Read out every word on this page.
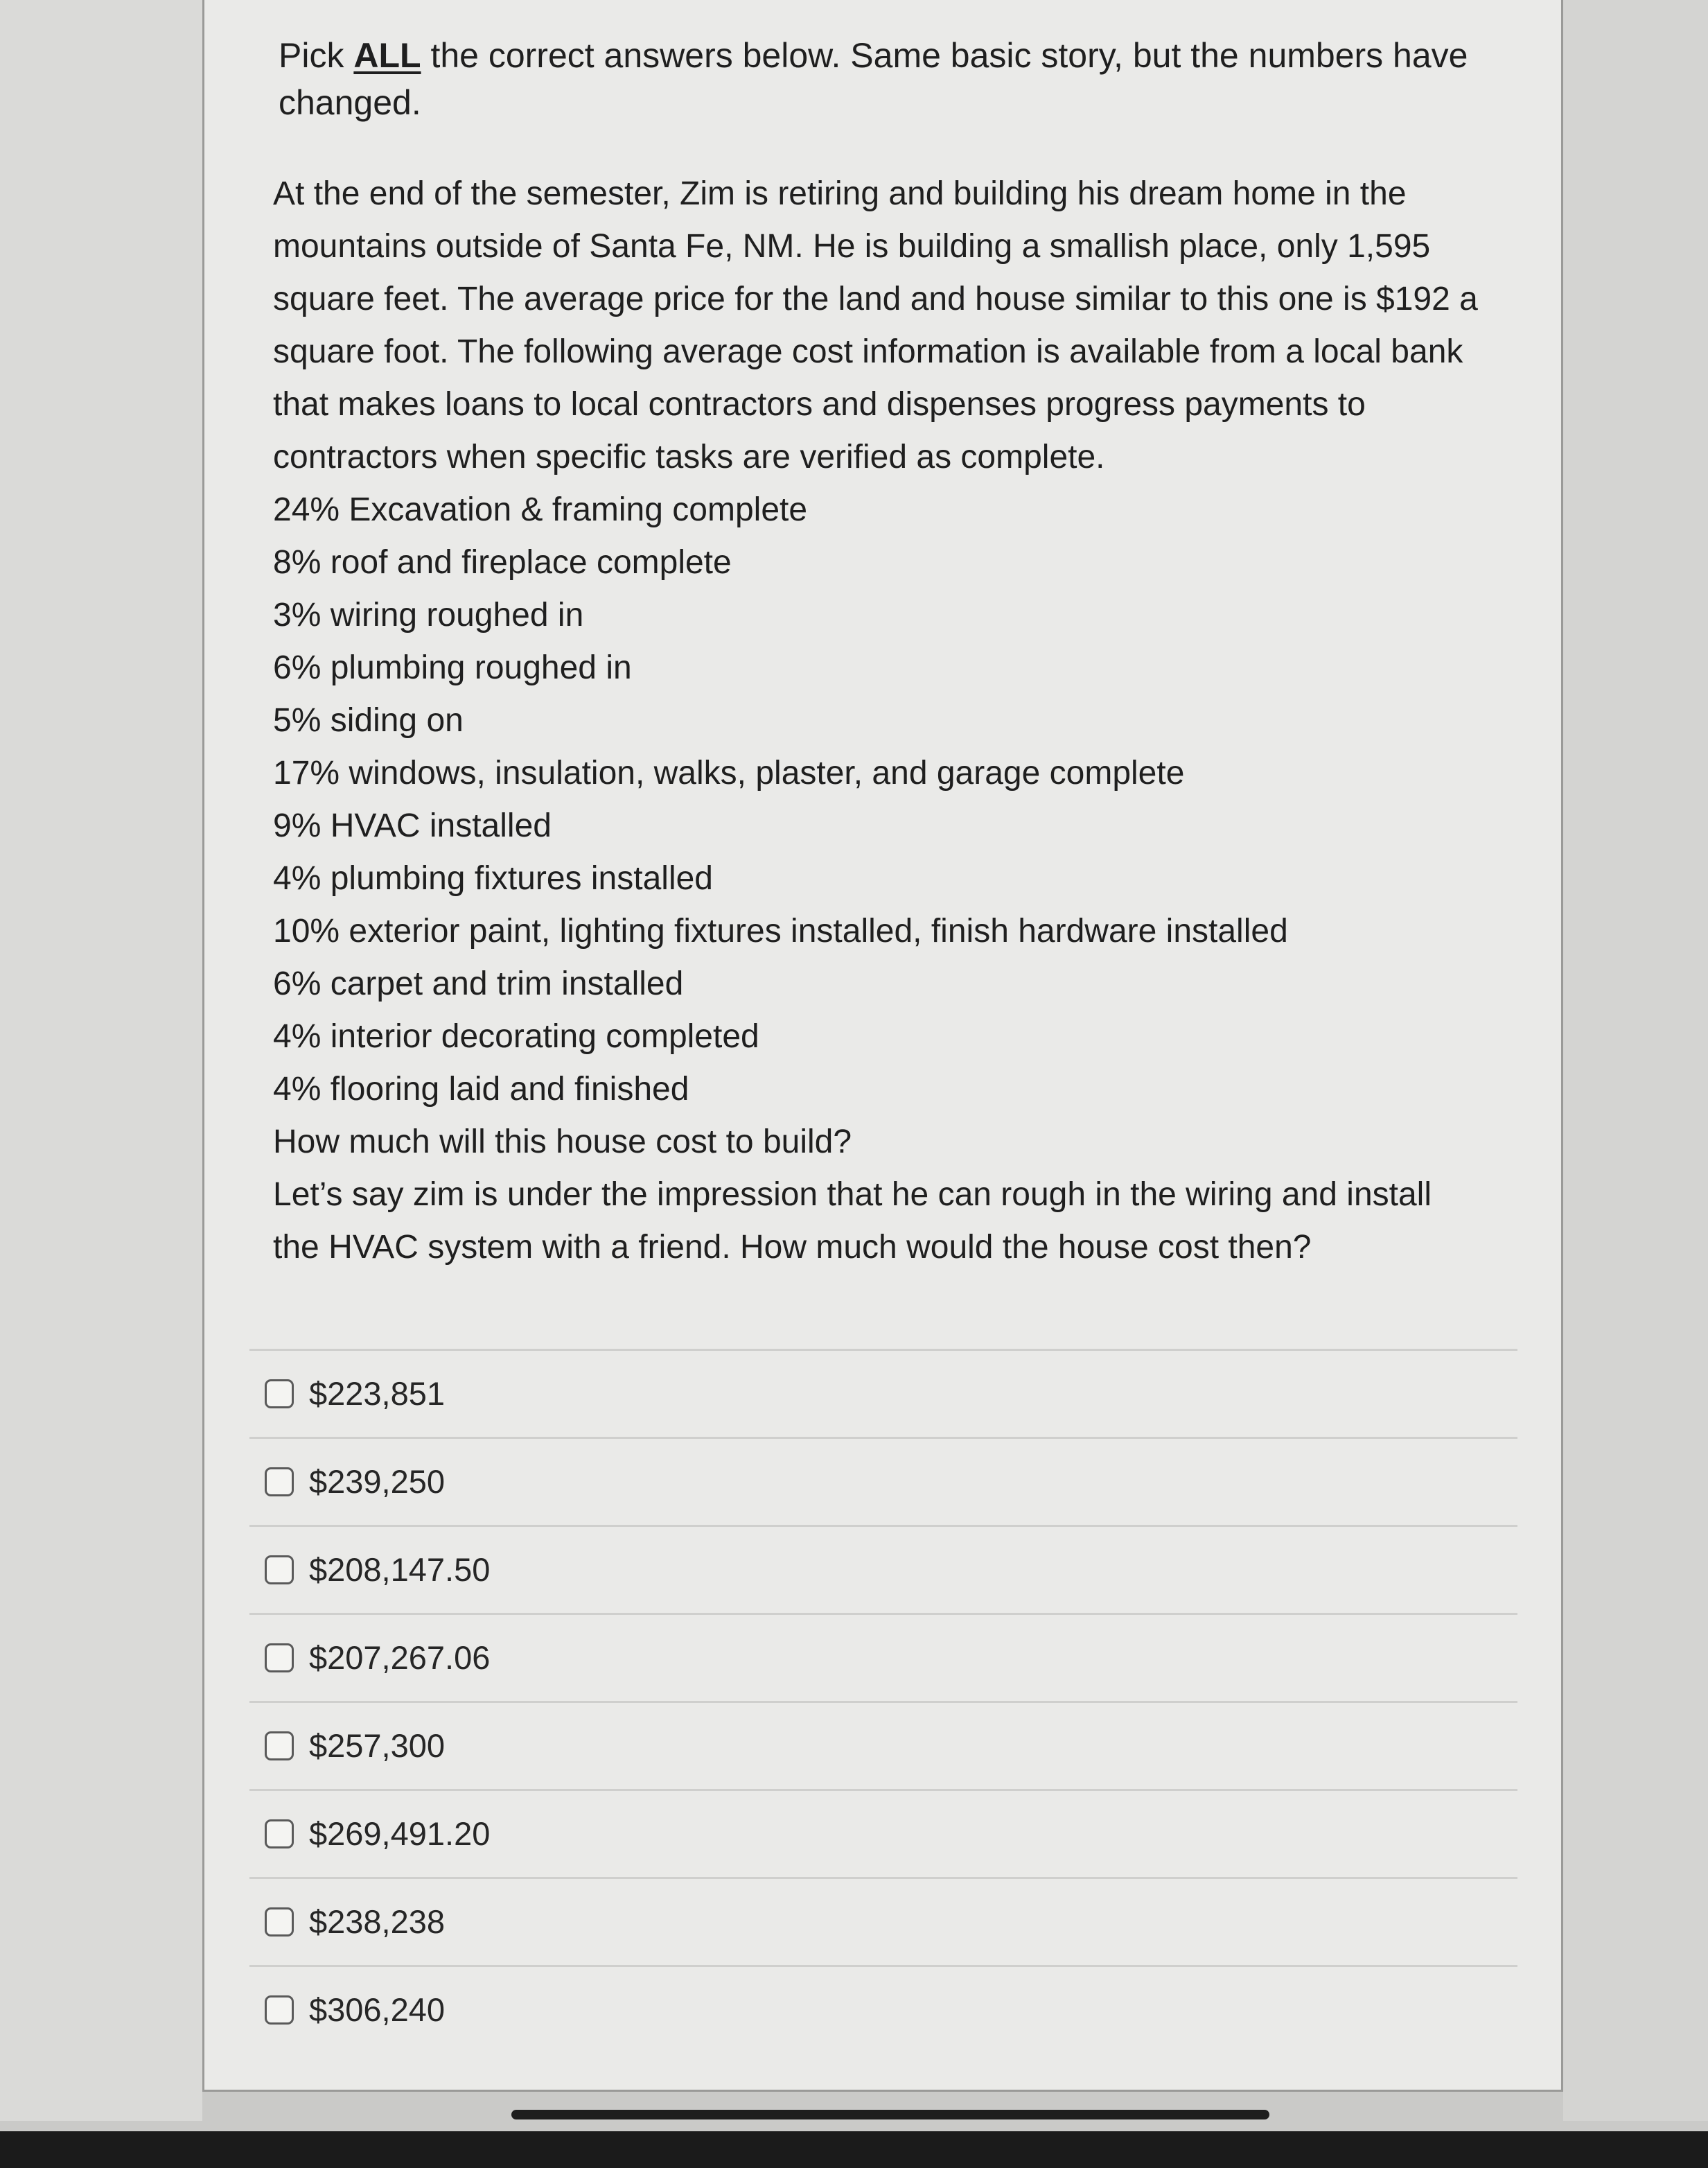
Pick ALL the correct answers below. Same basic story, but the numbers have
changed.
At the end of the semester, Zim is retiring and building his dream home in the
mountains outside of Santa Fe, NM. He is building a smallish place, only 1,595
square feet. The average price for the land and house similar to this one is $192 a
square foot. The following average cost information is available from a local bank
that makes loans to local contractors and dispenses progress payments to
contractors when specific tasks are verified as complete.
24% Excavation & framing complete
8% roof and fireplace complete
3% wiring roughed in
6% plumbing roughed in
5% siding on
17% windows, insulation, walks, plaster, and garage complete
9% HVAC installed
4% plumbing fixtures installed
10% exterior paint, lighting fixtures installed, finish hardware installed
6% carpet and trim installed
4% interior decorating completed
4% flooring laid and finished
How much will this house cost to build?
Let’s say zim is under the impression that he can rough in the wiring and install
the HVAC system with a friend. How much would the house cost then?
$223,851
$239,250
$208,147.50
$207,267.06
$257,300
$269,491.20
$238,238
$306,240
